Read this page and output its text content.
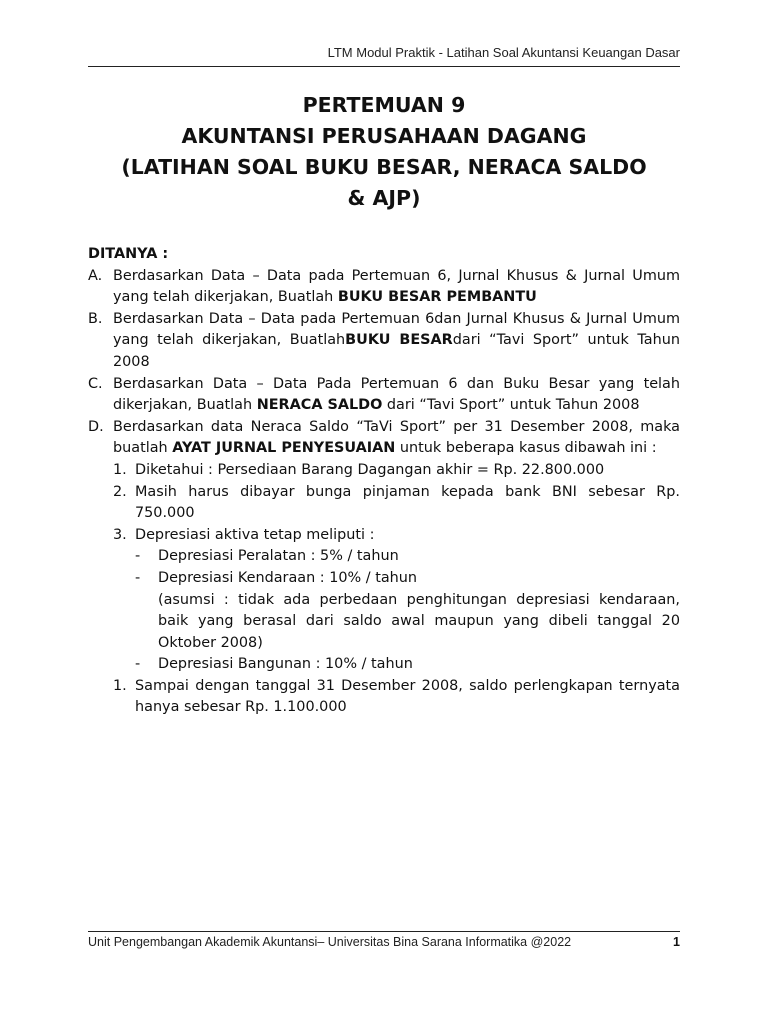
LTM Modul Praktik - Latihan Soal Akuntansi Keuangan Dasar
PERTEMUAN 9
AKUNTANSI PERUSAHAAN DAGANG
(LATIHAN SOAL BUKU BESAR, NERACA SALDO
& AJP)
DITANYA :
A. Berdasarkan Data – Data pada Pertemuan 6, Jurnal Khusus & Jurnal Umum yang telah dikerjakan, Buatlah BUKU BESAR PEMBANTU
B. Berdasarkan Data – Data pada Pertemuan 6dan Jurnal Khusus & Jurnal Umum yang telah dikerjakan, BuatlahBUKU BESARdari “Tavi Sport” untuk Tahun 2008
C. Berdasarkan Data – Data Pada Pertemuan 6 dan Buku Besar yang telah dikerjakan, Buatlah NERACA SALDO dari “Tavi Sport” untuk Tahun 2008
D. Berdasarkan data Neraca Saldo “TaVi Sport” per 31 Desember 2008, maka buatlah AYAT JURNAL PENYESUAIAN untuk beberapa kasus dibawah ini :
1. Diketahui : Persediaan Barang Dagangan akhir = Rp. 22.800.000
2. Masih harus dibayar bunga pinjaman kepada bank BNI sebesar Rp. 750.000
3. Depresiasi aktiva tetap meliputi :
- Depresiasi Peralatan : 5% / tahun
- Depresiasi Kendaraan : 10% / tahun
(asumsi : tidak ada perbedaan penghitungan depresiasi kendaraan, baik yang berasal dari saldo awal maupun yang dibeli tanggal 20 Oktober 2008)
- Depresiasi Bangunan : 10% / tahun
1. Sampai dengan tanggal 31 Desember 2008, saldo perlengkapan ternyata hanya sebesar Rp. 1.100.000
Unit Pengembangan Akademik Akuntansi– Universitas Bina Sarana Informatika @2022	1
